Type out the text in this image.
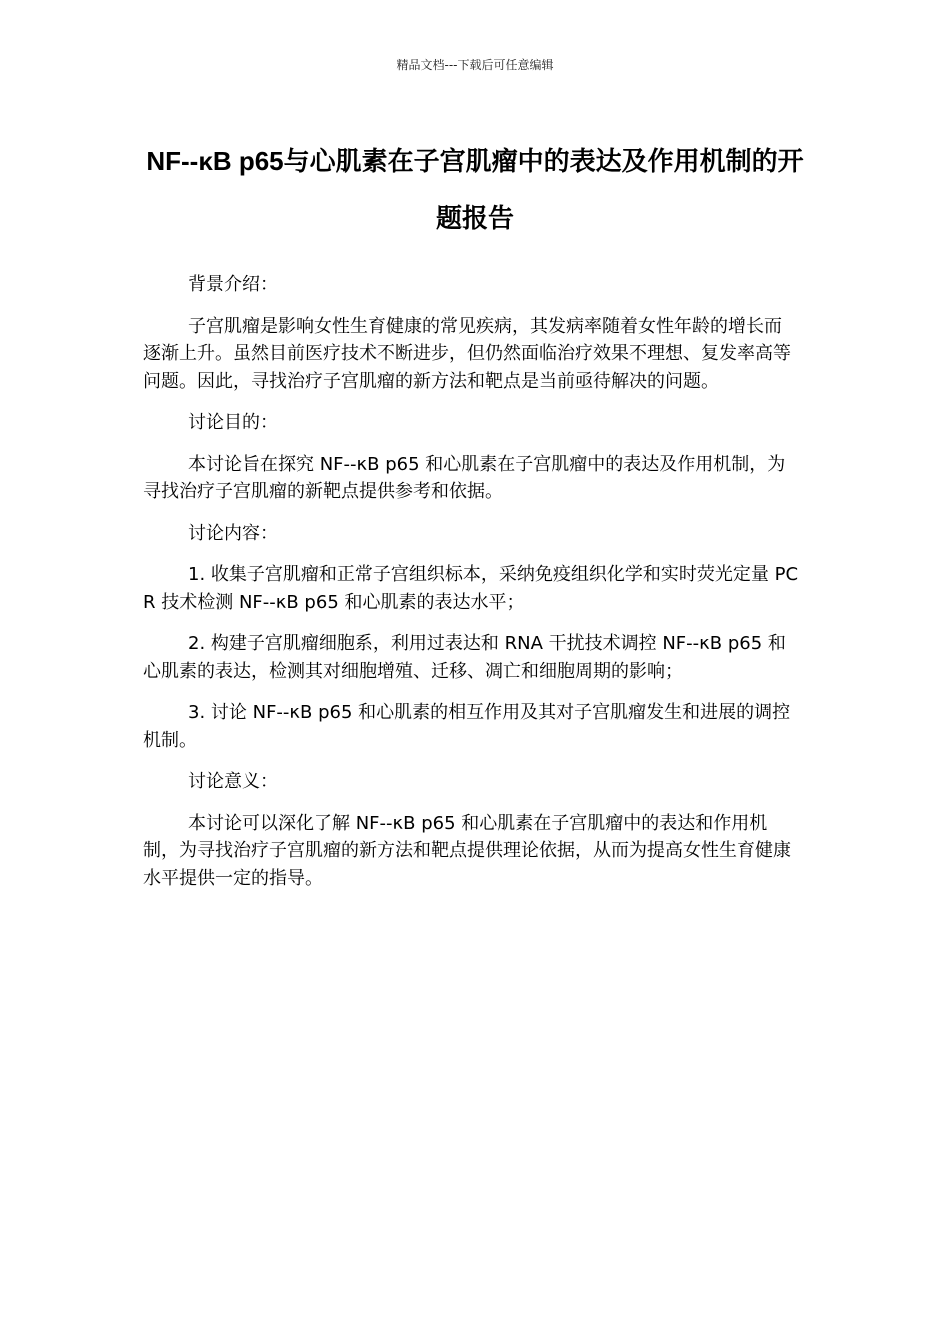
精品文档---下载后可任意编辑
NF--κB p65与心肌素在子宫肌瘤中的表达及作用机制的开题报告

背景介绍：

子宫肌瘤是影响女性生育健康的常见疾病，其发病率随着女性年龄的增长而逐渐上升。虽然目前医疗技术不断进步，但仍然面临治疗效果不理想、复发率高等问题。因此，寻找治疗子宫肌瘤的新方法和靶点是当前亟待解决的问题。

讨论目的：

本讨论旨在探究 NF--κB p65 和心肌素在子宫肌瘤中的表达及作用机制，为寻找治疗子宫肌瘤的新靶点提供参考和依据。

讨论内容：

1. 收集子宫肌瘤和正常子宫组织标本，采纳免疫组织化学和实时荧光定量 PCR 技术检测 NF--κB p65 和心肌素的表达水平；

2. 构建子宫肌瘤细胞系，利用过表达和 RNA 干扰技术调控 NF--κB p65 和心肌素的表达，检测其对细胞增殖、迁移、凋亡和细胞周期的影响；

3. 讨论 NF--κB p65 和心肌素的相互作用及其对子宫肌瘤发生和进展的调控机制。

讨论意义：

本讨论可以深化了解 NF--κB p65 和心肌素在子宫肌瘤中的表达和作用机制，为寻找治疗子宫肌瘤的新方法和靶点提供理论依据，从而为提高女性生育健康水平提供一定的指导。
